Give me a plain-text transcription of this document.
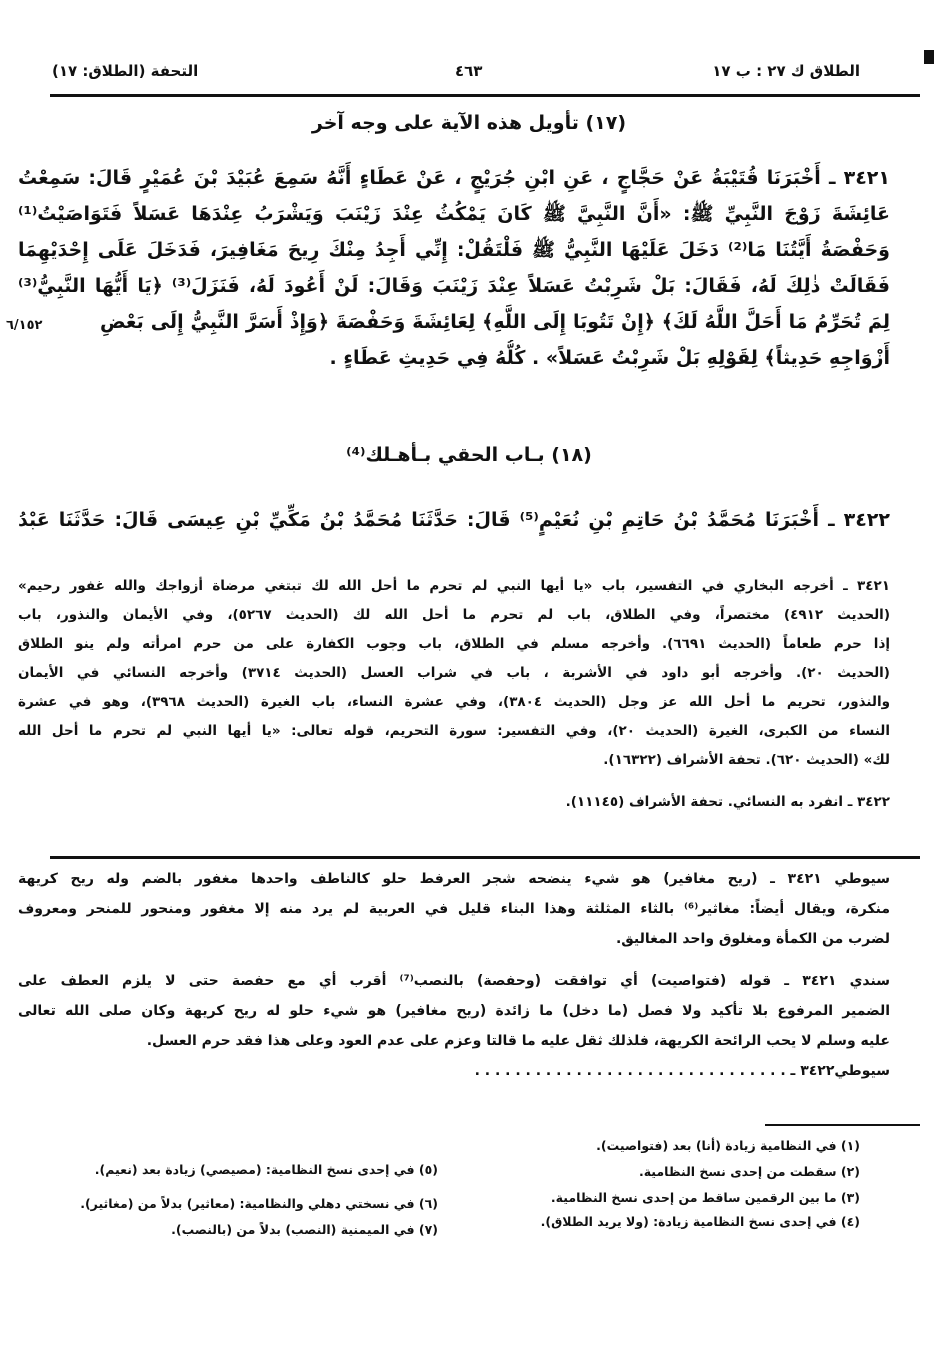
الطلاق ك ٢٧ : ب ١٧
٤٦٣
التحفة (الطلاق: ١٧)
(١٧) تأويل هذه الآية على وجه آخر
٣٤٢١ ـ أَخْبَرَنَا قُتَيْبَةُ عَنْ حَجَّاجٍ ، عَنِ ابْنِ جُرَيْجٍ ، عَنْ عَطَاءٍ أَنَّهُ سَمِعَ عُبَيْدَ بْنَ عُمَيْرٍ قَالَ: سَمِعْتُ
عَائِشَةَ زَوْجَ النَّبِيِّ ﷺ: «أَنَّ النَّبِيَّ ﷺ كَانَ يَمْكُثُ عِنْدَ زَيْنَبَ وَيَشْرَبُ عِنْدَهَا عَسَلاً فَتَوَاصَيْتُ⁽¹⁾
وَحَفْصَةُ أَيَّتُنَا مَا⁽²⁾ دَخَلَ عَلَيْهَا النَّبِيُّ ﷺ فَلْتَقُلْ: إِنِّي أَجِدُ مِنْكَ رِيحَ مَغَافِيرَ، فَدَخَلَ عَلَى إِحْدَيْهِمَا
فَقَالَتْ ذٰلِكَ لَهُ، فَقَالَ: بَلْ شَرِبْتُ عَسَلاً عِنْدَ زَيْنَبَ وَقَالَ: لَنْ أَعُودَ لَهُ، فَنَزَلَ⁽³⁾ ﴿يَا أَيُّهَا النَّبِيُّ⁽³⁾
لِمَ تُحَرِّمُ مَا أَحَلَّ اللَّهُ لَكَ﴾ ﴿إِنْ تَتُوبَا إِلَى اللَّهِ﴾ لِعَائِشَةَ وَحَفْصَةَ ﴿وَإِذْ أَسَرَّ النَّبِيُّ إِلَى بَعْضِ
أَزْوَاجِهِ حَدِيثاً﴾ لِقَوْلِهِ بَلْ شَرِبْتُ عَسَلاً» . كُلُّهُ فِي حَدِيثِ عَطَاءٍ .
٦/١٥٢
(١٨) بـاب الحقي بـأهـلك⁽⁴⁾
٣٤٢٢ ـ أَخْبَرَنَا مُحَمَّدُ بْنُ حَاتِمِ بْنِ نُعَيْمٍ⁽⁵⁾ قَالَ: حَدَّثَنَا مُحَمَّدُ بْنُ مَكِّيِّ بْنِ عِيسَى قَالَ: حَدَّثَنَا عَبْدُ
٣٤٢١ ـ أخرجه البخاري في التفسير، باب «يا أيها النبي لم تحرم ما أحل الله لك تبتغي مرضاة أزواجك والله غفور رحيم»
(الحديث ٤٩١٢) مختصراً، وفي الطلاق، باب لم تحرم ما أحل الله لك (الحديث ٥٢٦٧)، وفي الأيمان والنذور، باب
إذا حرم طعاماً (الحديث ٦٦٩١). وأخرجه مسلم في الطلاق، باب وجوب الكفارة على من حرم امرأته ولم ينو الطلاق
(الحديث ٢٠). وأخرجه أبو داود في الأشربة ، باب في شراب العسل (الحديث ٣٧١٤) وأخرجه النسائي في الأيمان
والنذور، تحريم ما أحل الله عز وجل (الحديث ٣٨٠٤)، وفي عشرة النساء، باب الغيرة (الحديث ٣٩٦٨)، وهو في عشرة
النساء من الكبرى، الغيرة (الحديث ٢٠)، وفي التفسير: سورة التحريم، قوله تعالى: «يا أيها النبي لم تحرم ما أحل الله
لك» (الحديث ٦٢٠). تحفة الأشراف (١٦٣٢٢).
٣٤٢٢ ـ انفرد به النسائي. تحفة الأشراف (١١١٤٥).
سيوطي ٣٤٢١ ـ (ريح مغافير) هو شيء ينضحه شجر العرفط حلو كالناطف واحدها مغفور بالضم وله ريح كريهة
منكرة، ويقال أيضاً: مغاثير⁽⁶⁾ بالثاء المثلثة وهذا البناء قليل في العربية لم يرد منه إلا مغفور ومنحور للمنحر ومعروف
لضرب من الكمأة ومغلوق واحد المغاليق.
سندي ٣٤٢١ ـ قوله (فتواصيت) أي توافقت (وحفصة) بالنصب⁽⁷⁾ أقرب أي مع حفصة حتى لا يلزم العطف على
الضمير المرفوع بلا تأكيد ولا فصل (ما دخل) ما زائدة (ريح مغافير) هو شيء حلو له ريح كريهة وكان صلى الله تعالى
عليه وسلم لا يحب الرائحة الكريهة، فلذلك ثقل عليه ما قالتا وعزم على عدم العود وعلى هذا فقد حرم العسل.
سيوطي٣٤٢٢ ـ . . . . . . . . . . . . . . . . . . . . . . . . . . . . . . .
(١) في النظامية زيادة (أنا) بعد (فتواصيت).
(٢) سقطت من إحدى نسخ النظامية.
(٣) ما بين الرقمين ساقط من إحدى نسخ النظامية.
(٤) في إحدى نسخ النظامية زيادة: (ولا يريد الطلاق).
(٥) في إحدى نسخ النظامية: (مصيصي) زيادة بعد (نعيم).
(٦) في نسختي دهلي والنظامية: (معاثير) بدلاً من (مغاثير).
(٧) في الميمنية (النصب) بدلاً من (بالنصب).
